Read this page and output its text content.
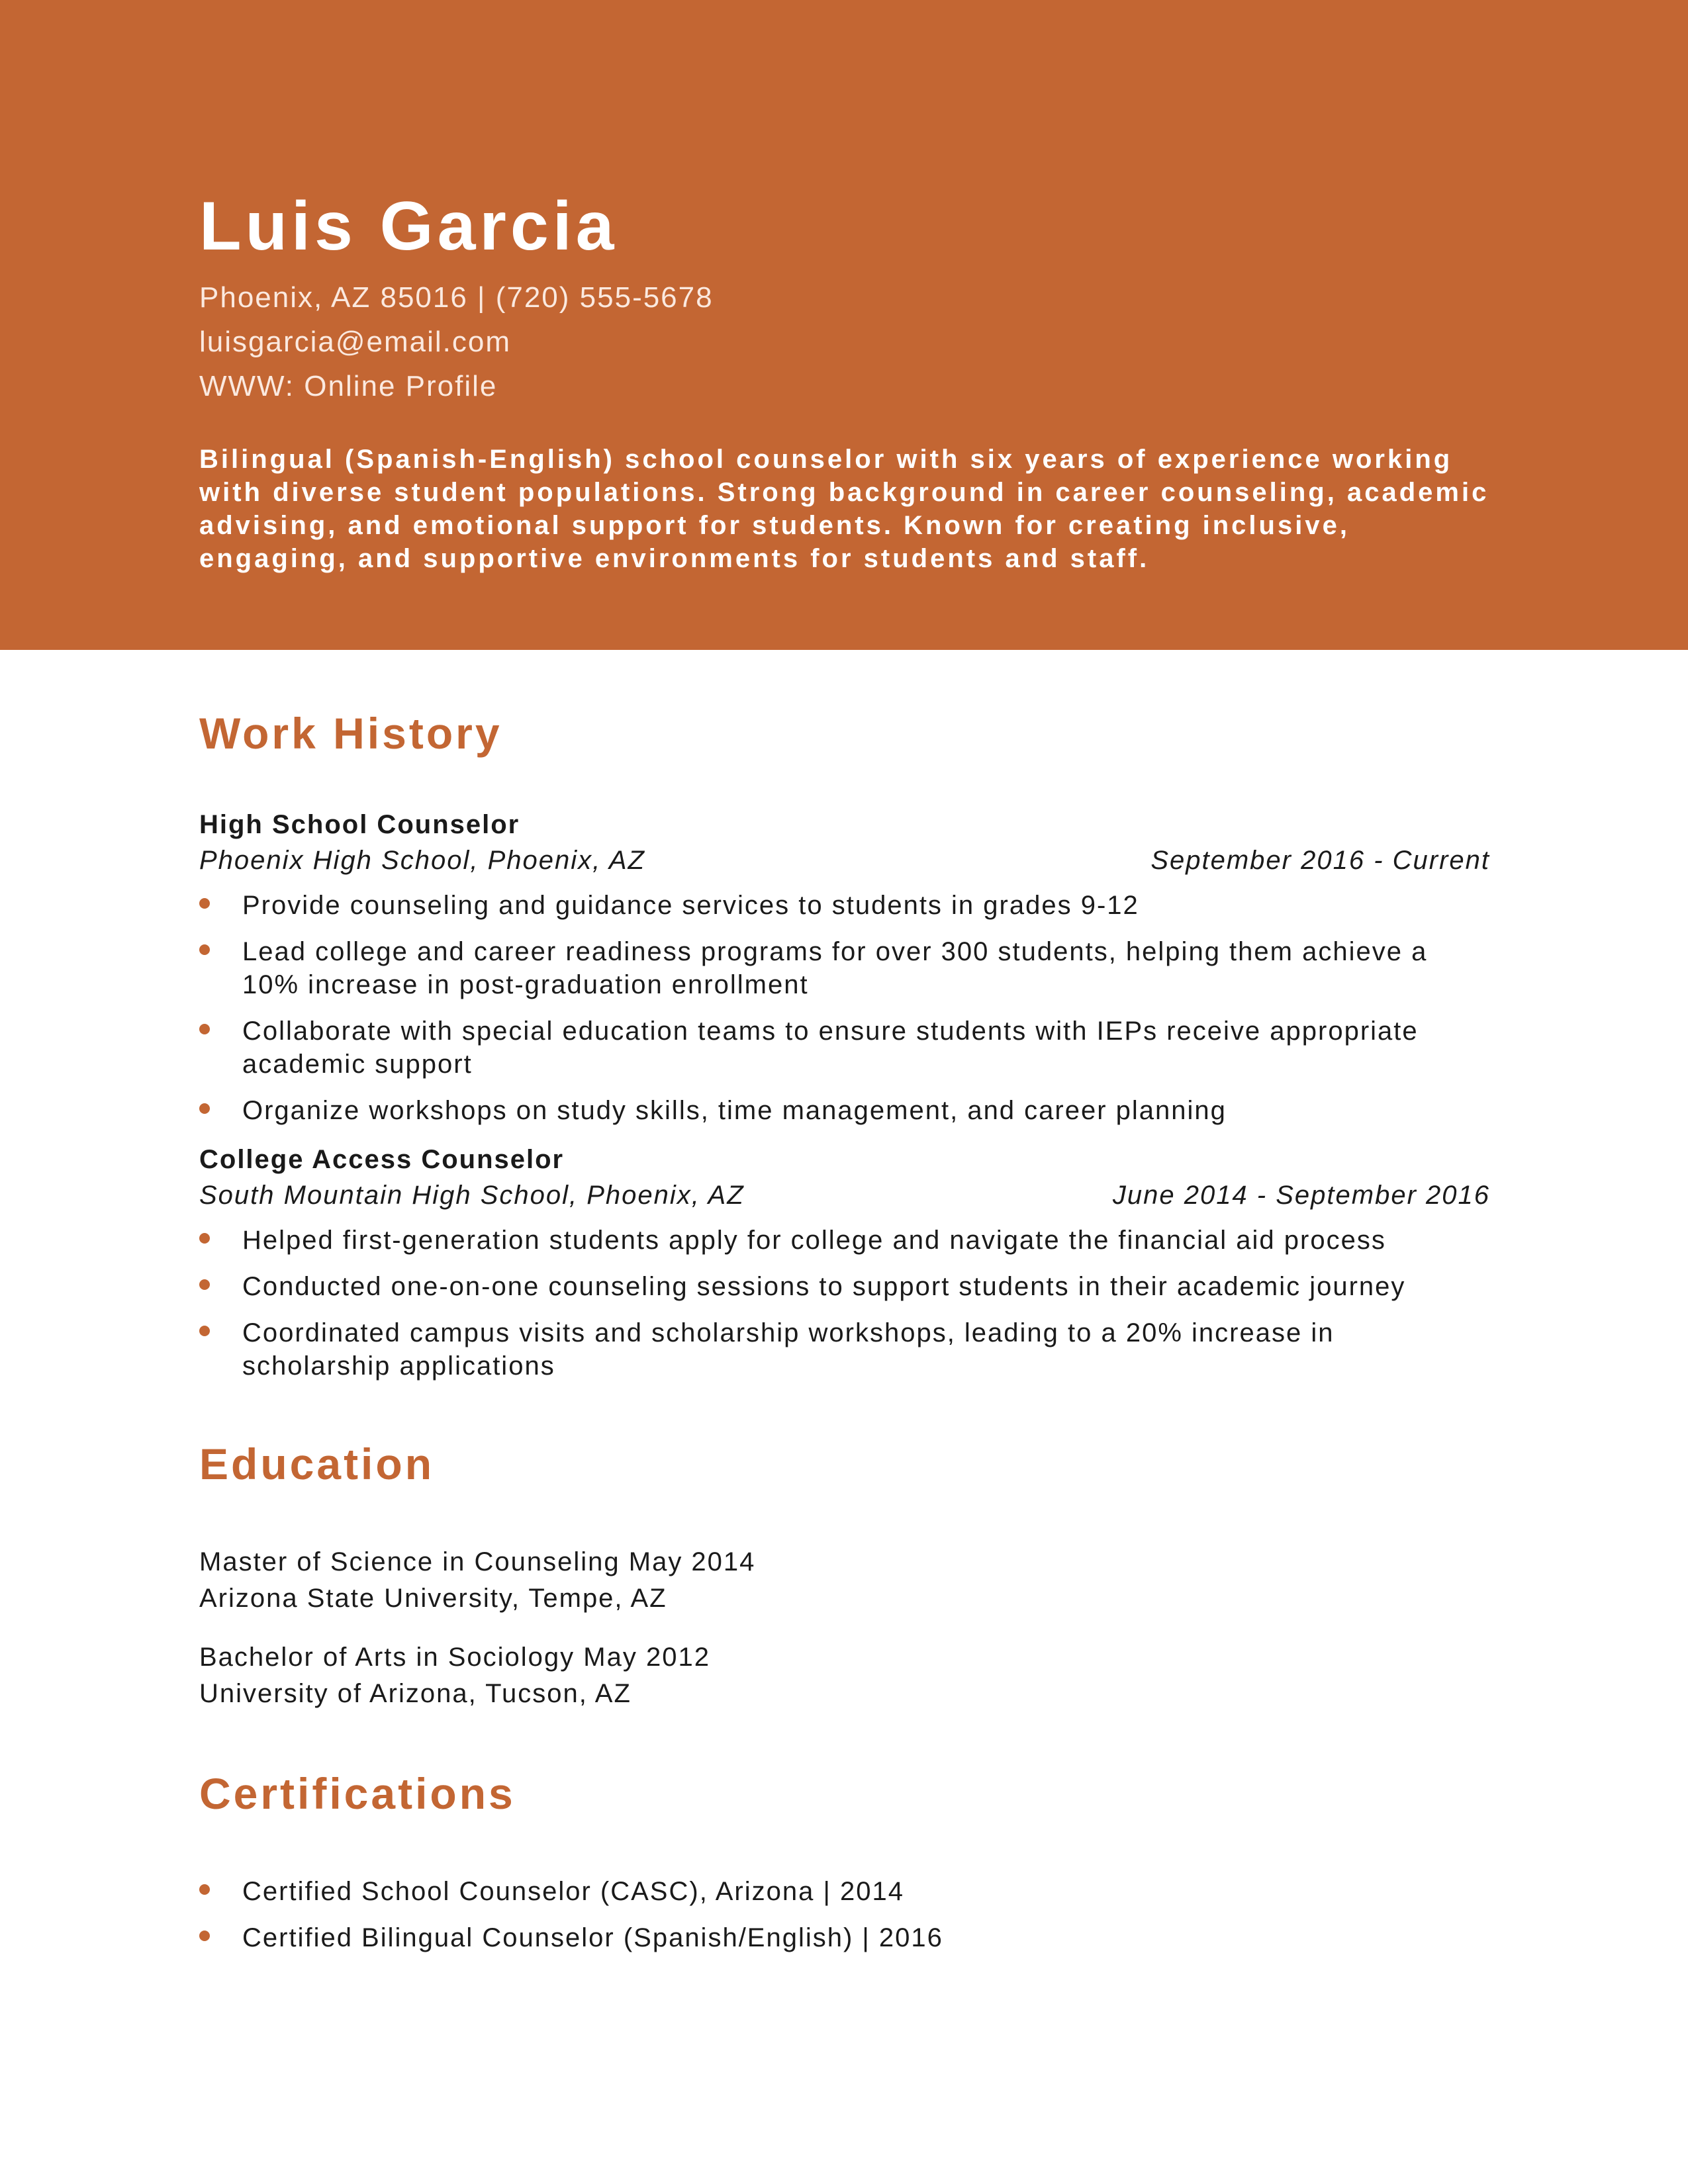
Luis Garcia
Phoenix, AZ 85016 | (720) 555-5678
luisgarcia@email.com
WWW: Online Profile
Bilingual (Spanish-English) school counselor with six years of experience working with diverse student populations. Strong background in career counseling, academic advising, and emotional support for students. Known for creating inclusive, engaging, and supportive environments for students and staff.
Work History
High School Counselor
Phoenix High School, Phoenix, AZ	September 2016 - Current
Provide counseling and guidance services to students in grades 9-12
Lead college and career readiness programs for over 300 students, helping them achieve a 10% increase in post-graduation enrollment
Collaborate with special education teams to ensure students with IEPs receive appropriate academic support
Organize workshops on study skills, time management, and career planning
College Access Counselor
South Mountain High School, Phoenix, AZ	June 2014 - September 2016
Helped first-generation students apply for college and navigate the financial aid process
Conducted one-on-one counseling sessions to support students in their academic journey
Coordinated campus visits and scholarship workshops, leading to a 20% increase in scholarship applications
Education
Master of Science in Counseling May 2014
Arizona State University, Tempe, AZ
Bachelor of Arts in Sociology May 2012
University of Arizona, Tucson, AZ
Certifications
Certified School Counselor (CASC), Arizona | 2014
Certified Bilingual Counselor (Spanish/English) | 2016
